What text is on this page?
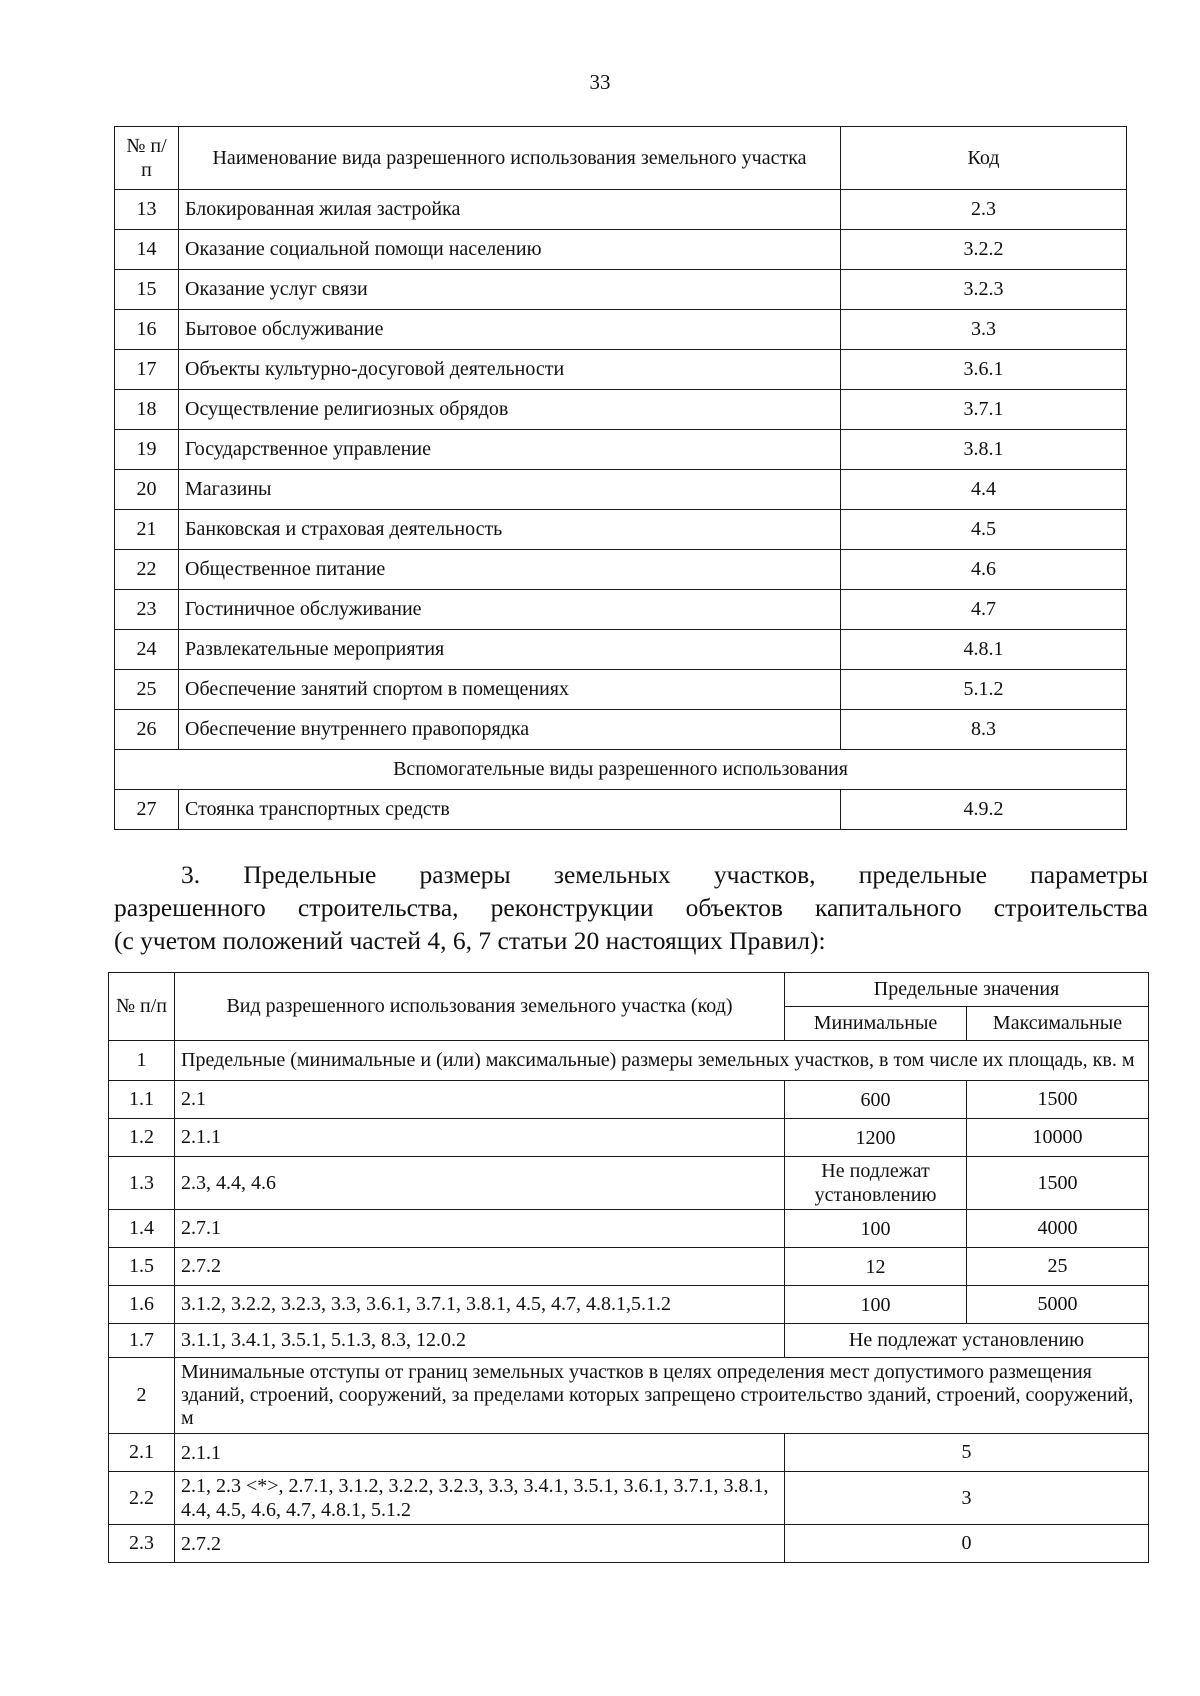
33
№ п/п	Наименование вида разрешенного использования земельного участка	Код
13	Блокированная жилая застройка	2.3
14	Оказание социальной помощи населению	3.2.2
15	Оказание услуг связи	3.2.3
16	Бытовое обслуживание	3.3
17	Объекты культурно-досуговой деятельности	3.6.1
18	Осуществление религиозных обрядов	3.7.1
19	Государственное управление	3.8.1
20	Магазины	4.4
21	Банковская и страховая деятельность	4.5
22	Общественное питание	4.6
23	Гостиничное обслуживание	4.7
24	Развлекательные мероприятия	4.8.1
25	Обеспечение занятий спортом в помещениях	5.1.2
26	Обеспечение внутреннего правопорядка	8.3
Вспомогательные виды разрешенного использования		
27	Стоянка транспортных средств	4.9.2
3. Предельные размеры земельных участков, предельные параметры
разрешенного строительства, реконструкции объектов капитального строительства
(с учетом положений частей 4, 6, 7 статьи 20 настоящих Правил):
№ п/п	Вид разрешенного использования земельного участка (код)	Предельные значения	
		Минимальные	Максимальные
1	Предельные (минимальные и (или) максимальные) размеры земельных участков, в том числе их площадь, кв. м		
1.1	2.1	600	1500
1.2	2.1.1	1200	10000
1.3	2.3, 4.4, 4.6	Не подлежат установлению	1500
1.4	2.7.1	100	4000
1.5	2.7.2	12	25
1.6	3.1.2, 3.2.2, 3.2.3, 3.3, 3.6.1, 3.7.1, 3.8.1, 4.5, 4.7, 4.8.1,5.1.2	100	5000
1.7	3.1.1, 3.4.1, 3.5.1, 5.1.3, 8.3, 12.0.2	Не подлежат установлению	
2	Минимальные отступы от границ земельных участков в целях определения мест допустимого размещения зданий, строений, сооружений, за пределами которых запрещено строительство зданий, строений, сооружений, м		
2.1	2.1.1	5	
2.2	2.1, 2.3 <*>, 2.7.1, 3.1.2, 3.2.2, 3.2.3, 3.3, 3.4.1, 3.5.1, 3.6.1, 3.7.1, 3.8.1, 4.4, 4.5, 4.6, 4.7, 4.8.1, 5.1.2	3	
2.3	2.7.2	0	
